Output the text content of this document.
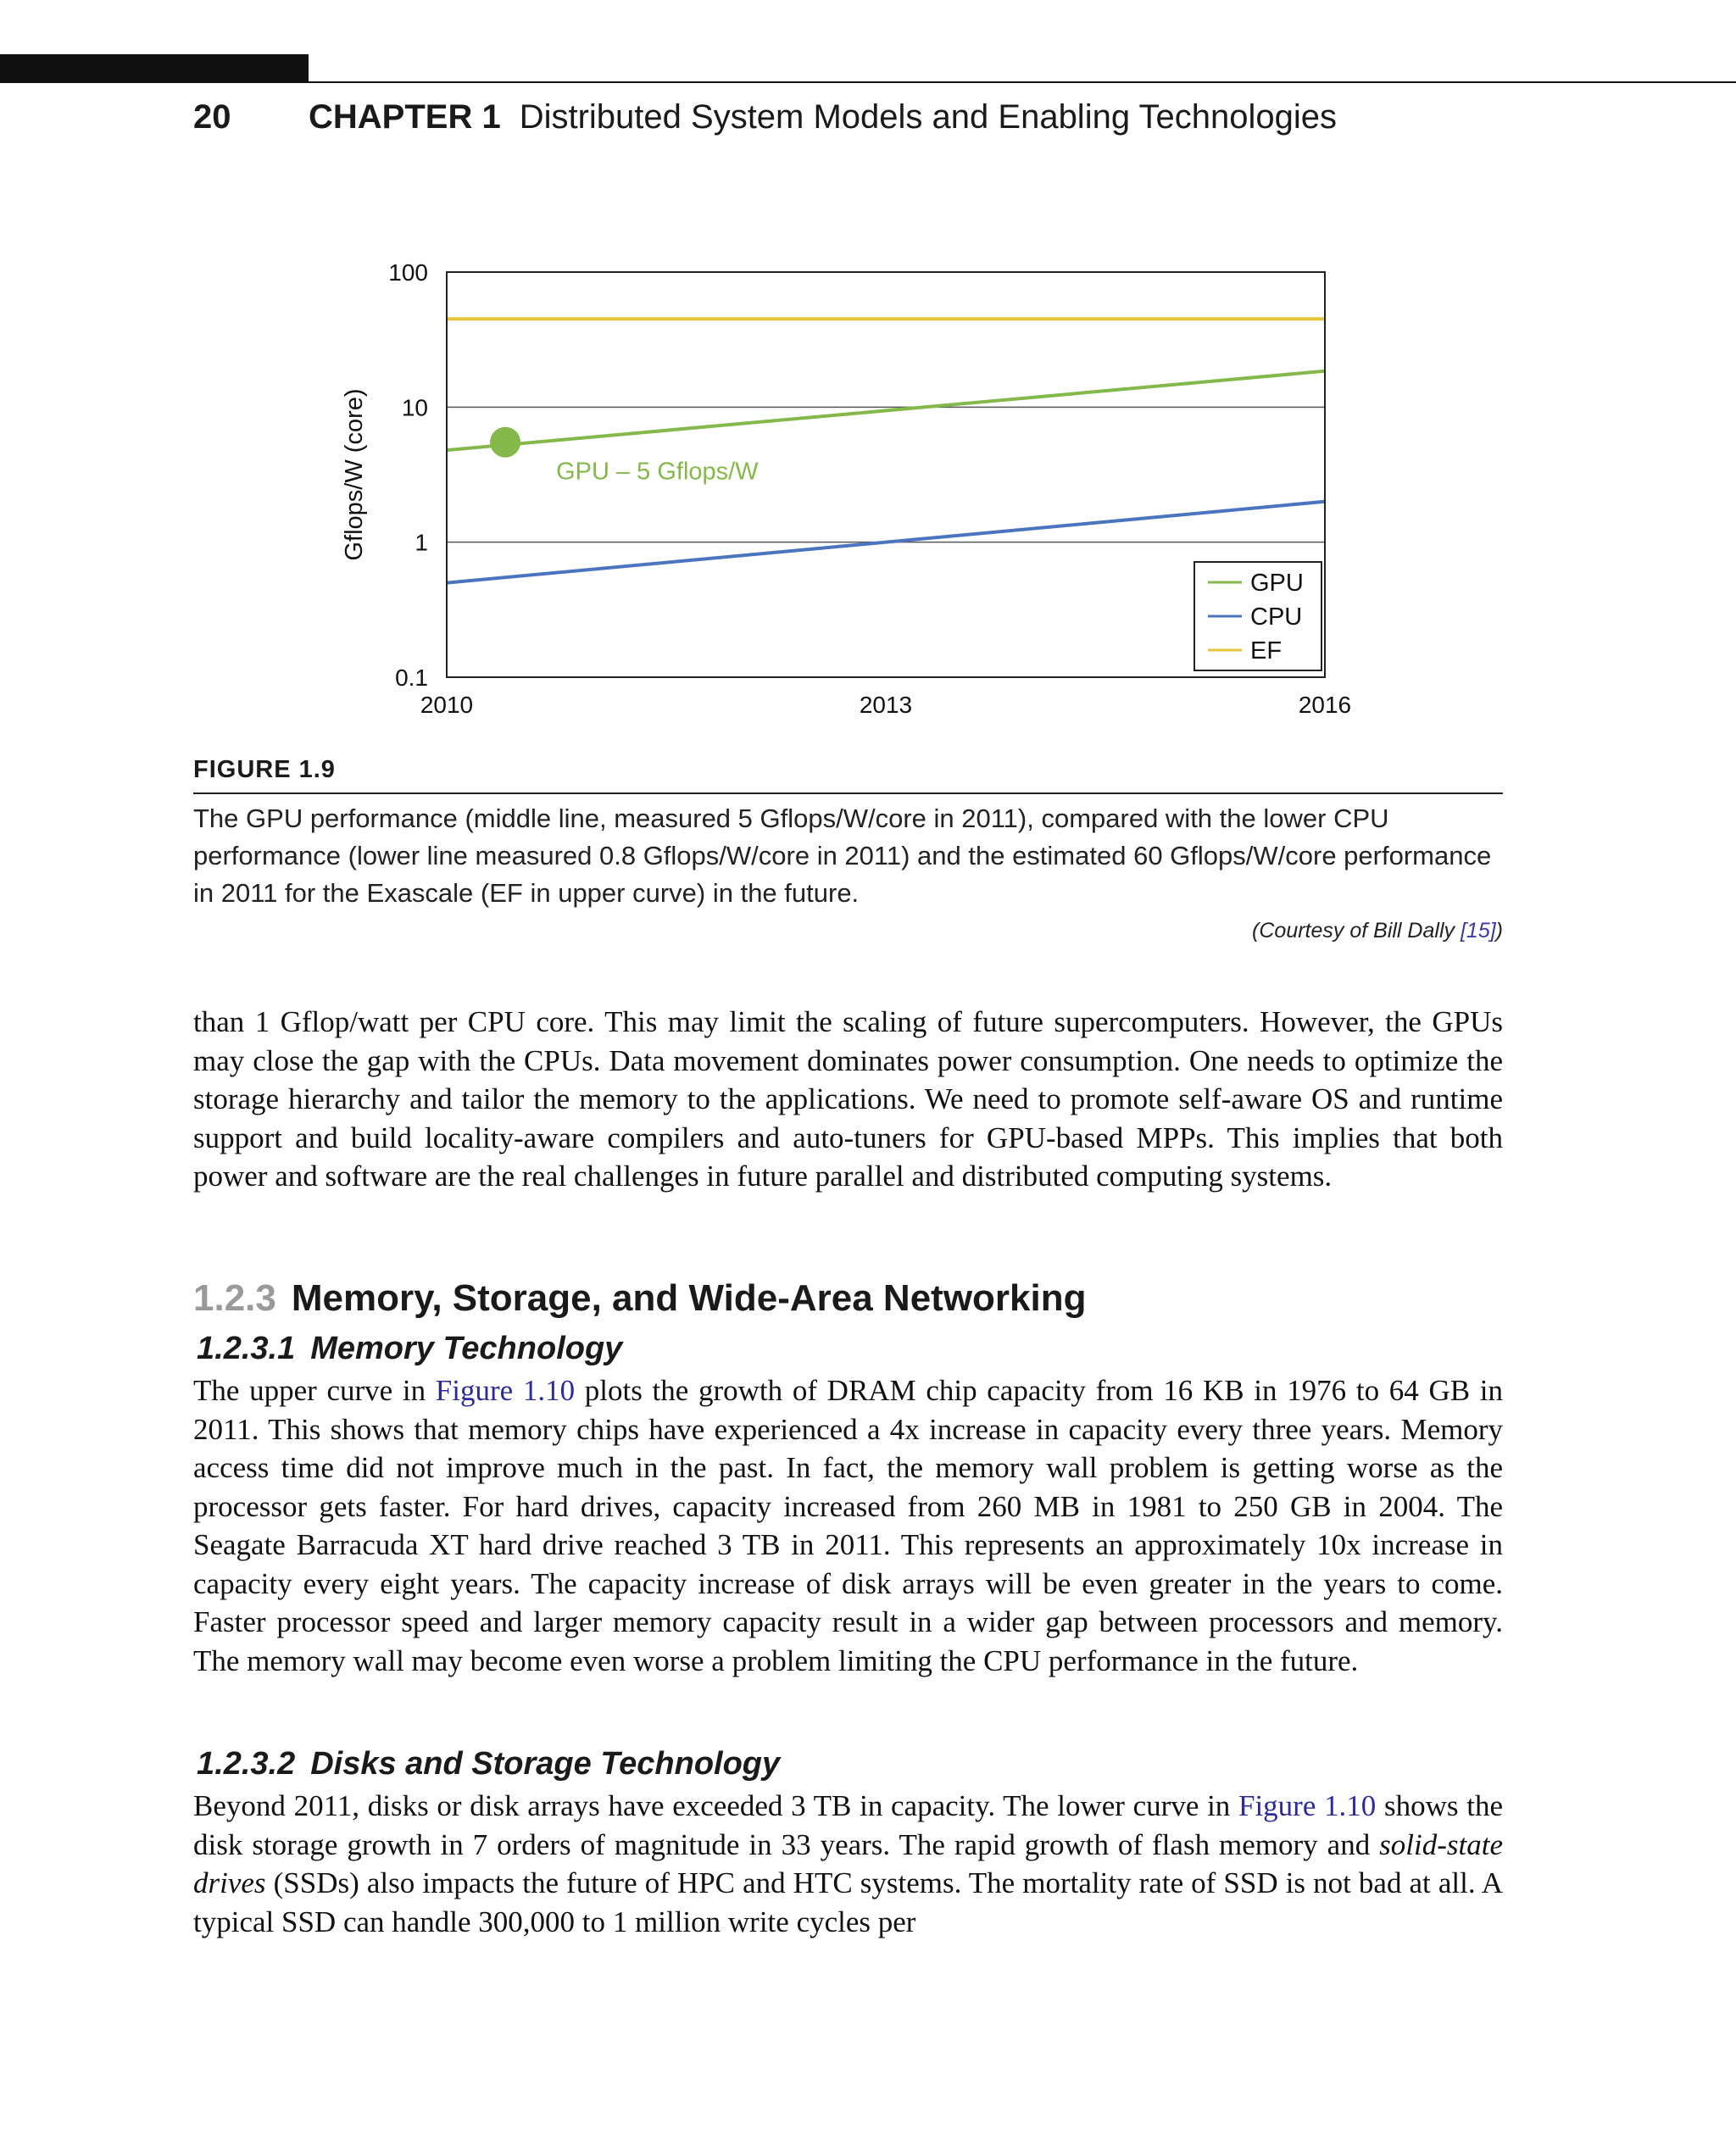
20 CHAPTER 1 Distributed System Models and Enabling Technologies
100
10
1
0.1
2010	2013	2016
Gflops/W (core)	GPU – 5 Gflops/W
GPU
CPU
EF
FIGURE 1.9
The GPU performance (middle line, measured 5 Gflops/W/core in 2011), compared with the lower CPU performance (lower line measured 0.8 Gflops/W/core in 2011) and the estimated 60 Gflops/W/core performance in 2011 for the Exascale (EF in upper curve) in the future.
(Courtesy of Bill Dally [15])
than 1 Gflop/watt per CPU core. This may limit the scaling of future supercomputers. However, the GPUs may close the gap with the CPUs. Data movement dominates power consumption. One needs to optimize the storage hierarchy and tailor the memory to the applications. We need to promote self-aware OS and runtime support and build locality-aware compilers and auto-tuners for GPU-based MPPs. This implies that both power and software are the real challenges in future parallel and distributed computing systems.
1.2.3 Memory, Storage, and Wide-Area Networking
1.2.3.1 Memory Technology
The upper curve in Figure 1.10 plots the growth of DRAM chip capacity from 16 KB in 1976 to 64 GB in 2011. This shows that memory chips have experienced a 4x increase in capacity every three years. Memory access time did not improve much in the past. In fact, the memory wall problem is getting worse as the processor gets faster. For hard drives, capacity increased from 260 MB in 1981 to 250 GB in 2004. The Seagate Barracuda XT hard drive reached 3 TB in 2011. This represents an approximately 10x increase in capacity every eight years. The capacity increase of disk arrays will be even greater in the years to come. Faster processor speed and larger memory capacity result in a wider gap between processors and memory. The memory wall may become even worse a problem limiting the CPU performance in the future.
1.2.3.2 Disks and Storage Technology
Beyond 2011, disks or disk arrays have exceeded 3 TB in capacity. The lower curve in Figure 1.10 shows the disk storage growth in 7 orders of magnitude in 33 years. The rapid growth of flash memory and solid-state drives (SSDs) also impacts the future of HPC and HTC systems. The mortality rate of SSD is not bad at all. A typical SSD can handle 300,000 to 1 million write cycles per
